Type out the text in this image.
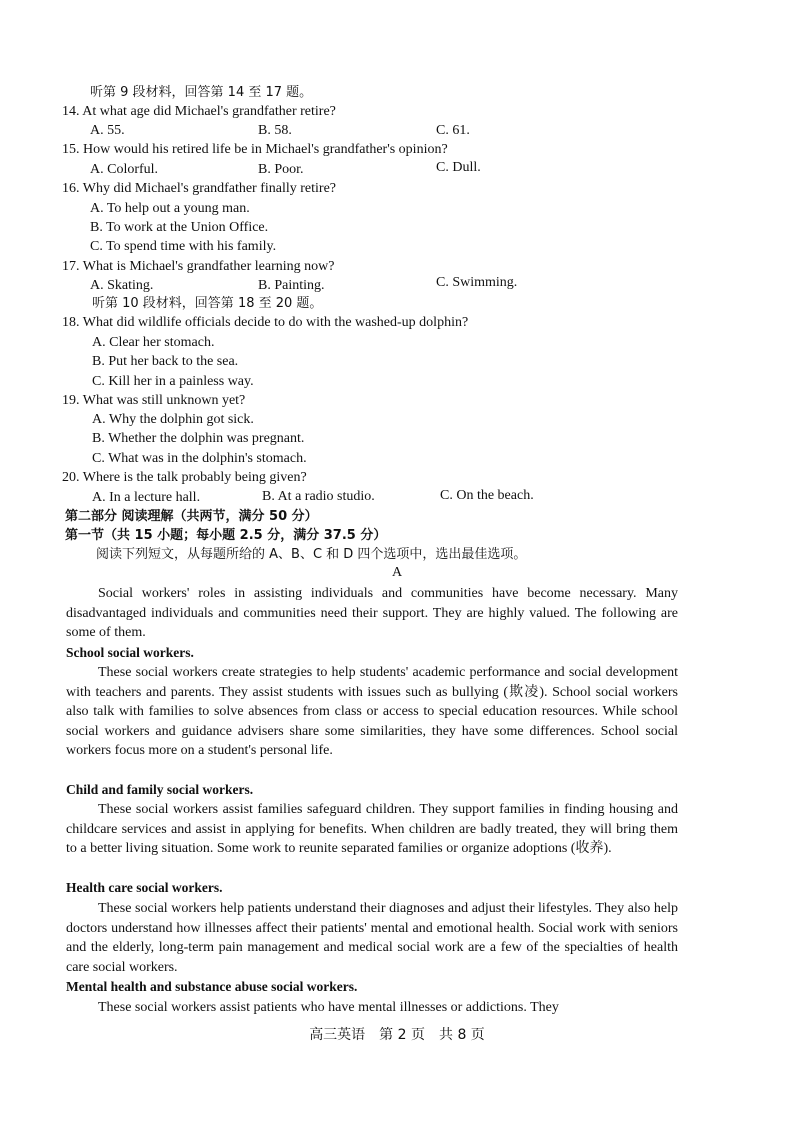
听第 9 段材料，回答第 14 至 17 题。
14. At what age did Michael's grandfather retire?
A. 55.	B. 58.	C. 61.
15. How would his retired life be in Michael's grandfather's opinion?
A. Colorful.	B. Poor.	C. Dull.
16. Why did Michael's grandfather finally retire?
A. To help out a young man.
B. To work at the Union Office.
C. To spend time with his family.
17. What is Michael's grandfather learning now?
A. Skating.	B. Painting.	C. Swimming.
听第 10 段材料，回答第 18 至 20 题。
18. What did wildlife officials decide to do with the washed-up dolphin?
A. Clear her stomach.
B. Put her back to the sea.
C. Kill her in a painless way.
19. What was still unknown yet?
A. Why the dolphin got sick.
B. Whether the dolphin was pregnant.
C. What was in the dolphin's stomach.
20. Where is the talk probably being given?
A. In a lecture hall.	B. At a radio studio.	C. On the beach.
第二部分 阅读理解（共两节，满分 50 分）
第一节（共 15 小题；每小题 2.5 分，满分 37.5 分）
阅读下列短文，从每题所给的 A、B、C 和 D 四个选项中，选出最佳选项。
A
Social workers' roles in assisting individuals and communities have become necessary. Many disadvantaged individuals and communities need their support. They are highly valued. The following are some of them.
School social workers.
These social workers create strategies to help students' academic performance and social development with teachers and parents. They assist students with issues such as bullying (欺凌). School social workers also talk with families to solve absences from class or access to special education resources. While school social workers and guidance advisers share some similarities, they have some differences. School social workers focus more on a student's personal life.
Child and family social workers.
These social workers assist families safeguard children. They support families in finding housing and childcare services and assist in applying for benefits. When children are badly treated, they will bring them to a better living situation. Some work to reunite separated families or organize adoptions (收养).
Health care social workers.
These social workers help patients understand their diagnoses and adjust their lifestyles. They also help doctors understand how illnesses affect their patients' mental and emotional health. Social work with seniors and the elderly, long-term pain management and medical social work are a few of the specialties of health care social workers.
Mental health and substance abuse social workers.
These social workers assist patients who have mental illnesses or addictions. They
高三英语　第 2 页　共 8 页
